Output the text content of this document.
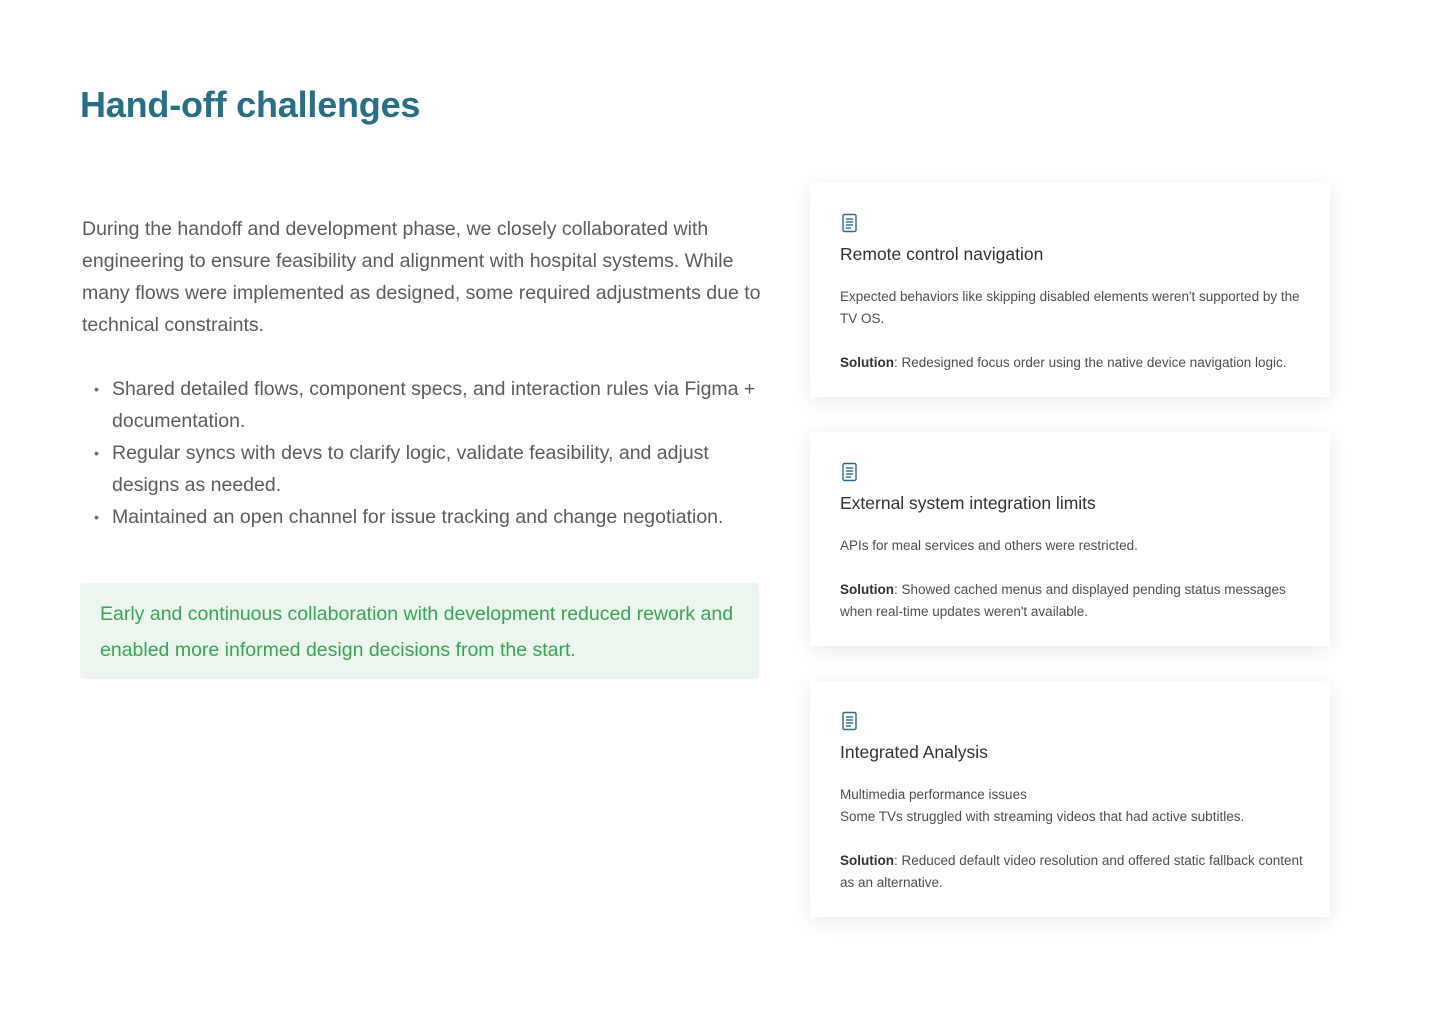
Hand-off challenges

During the handoff and development phase, we closely collaborated with engineering to ensure feasibility and alignment with hospital systems. While many flows were implemented as designed, some required adjustments due to technical constraints.

• Shared detailed flows, component specs, and interaction rules via Figma + documentation.
• Regular syncs with devs to clarify logic, validate feasibility, and adjust designs as needed.
• Maintained an open channel for issue tracking and change negotiation.
Early and continuous collaboration with development reduced rework and enabled more informed design decisions from the start.
Remote control navigation

Expected behaviors like skipping disabled elements weren't supported by the TV OS.

Solution: Redesigned focus order using the native device navigation logic.

External system integration limits

APIs for meal services and others were restricted.

Solution: Showed cached menus and displayed pending status messages when real-time updates weren't available.

Integrated Analysis

Multimedia performance issues

Some TVs struggled with streaming videos that had active subtitles.

Solution: Reduced default video resolution and offered static fallback content as an alternative.
